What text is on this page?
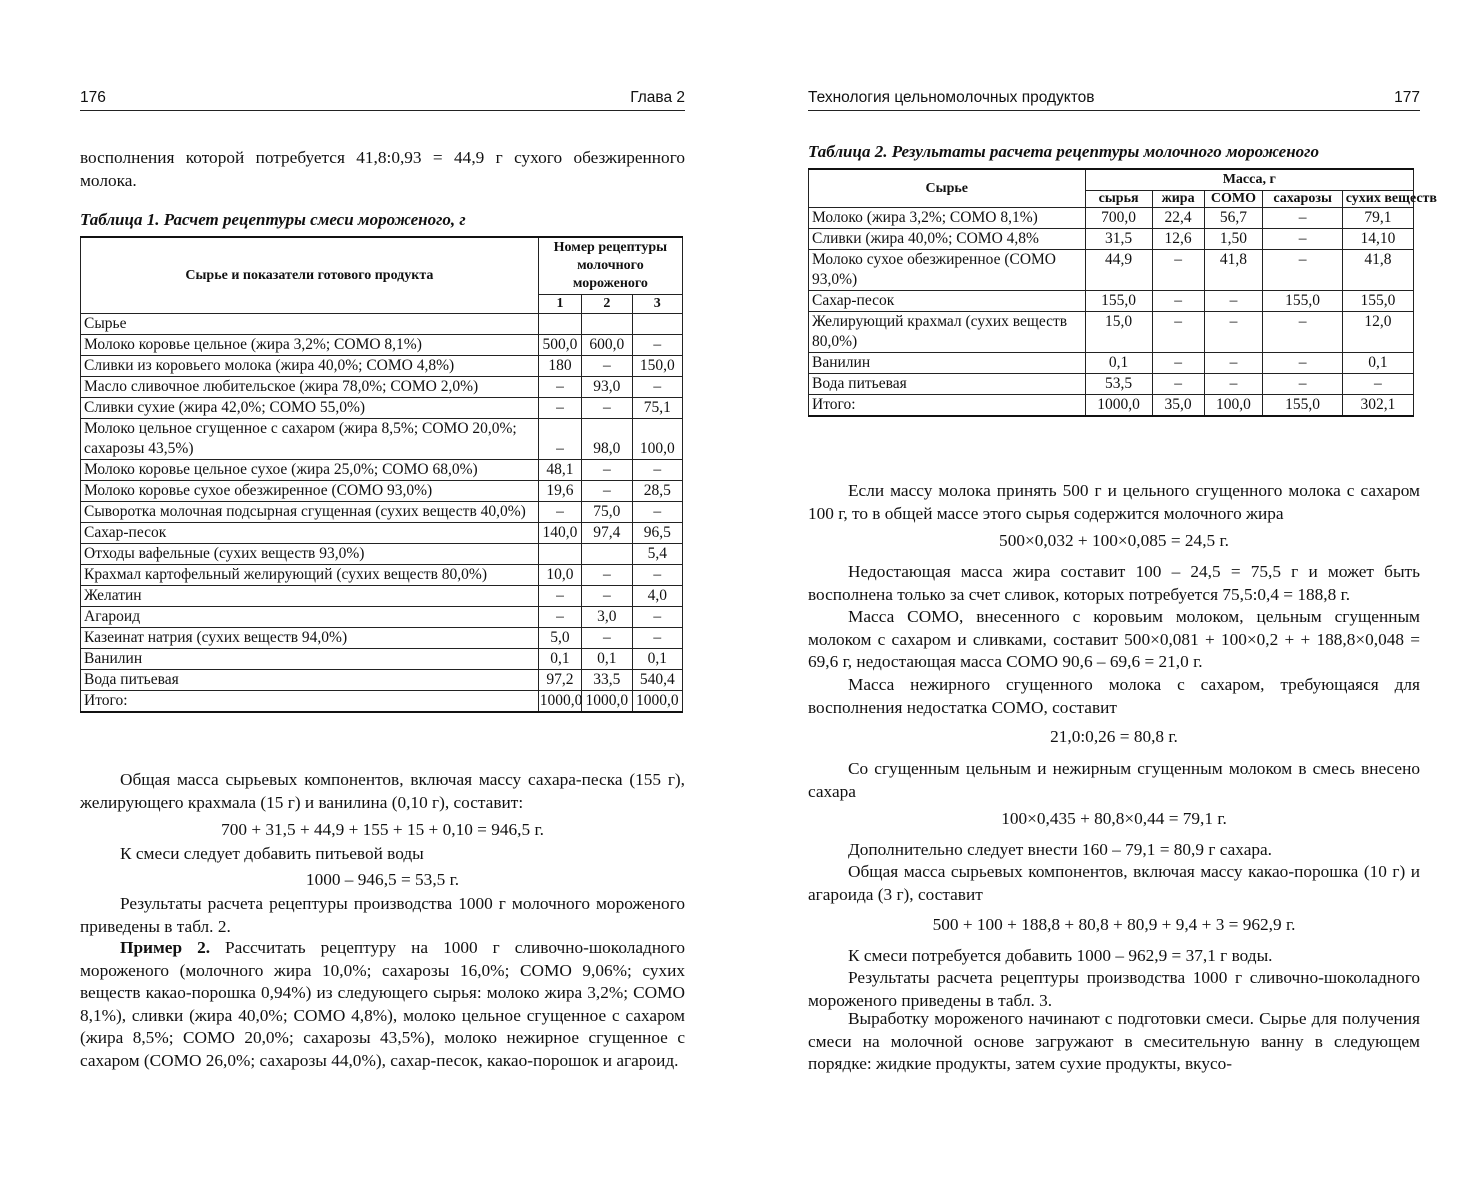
176	Глава 2
восполнения которой потребуется 41,8:0,93 = 44,9 г сухого обезжиренного молока.
Таблица 1. Расчет рецептуры смеси мороженого, г
Сырье и показатели готового продукта	Номер рецептуры молочного мороженого		
	1	2	3
Сырье			
Молоко коровье цельное (жира 3,2%; СОМО 8,1%)	500,0	600,0	–
Сливки из коровьего молока (жира 40,0%; СОМО 4,8%)	180	–	150,0
Масло сливочное любительское (жира 78,0%; СОМО 2,0%)	–	93,0	–
Сливки сухие (жира 42,0%; СОМО 55,0%)	–	–	75,1
Молоко цельное сгущенное с сахаром (жира 8,5%; СОМО 20,0%; сахарозы 43,5%)	–	98,0	100,0
Молоко коровье цельное сухое (жира 25,0%; СОМО 68,0%)	48,1	–	–
Молоко коровье сухое обезжиренное (СОМО 93,0%)	19,6	–	28,5
Сыворотка молочная подсырная сгущенная (сухих веществ 40,0%)	–	75,0	–
Сахар-песок	140,0	97,4	96,5
Отходы вафельные (сухих веществ 93,0%)			5,4
Крахмал картофельный желирующий (сухих веществ 80,0%)	10,0	–	–
Желатин	–	–	4,0
Агароид	–	3,0	–
Казеинат натрия (сухих веществ 94,0%)	5,0	–	–
Ванилин	0,1	0,1	0,1
Вода питьевая	97,2	33,5	540,4
Итого:	1000,0	1000,0	1000,0
Общая масса сырьевых компонентов, включая массу сахара-песка (155 г), желирующего крахмала (15 г) и ванилина (0,10 г), составит:
700 + 31,5 + 44,9 + 155 + 15 + 0,10 = 946,5 г.
К смеси следует добавить питьевой воды
1000 – 946,5 = 53,5 г.
Результаты расчета рецептуры производства 1000 г молочного мороженого приведены в табл. 2.
Пример 2. Рассчитать рецептуру на 1000 г сливочно-шоколадного мороженого (молочного жира 10,0%; сахарозы 16,0%; СОМО 9,06%; сухих веществ какао-порошка 0,94%) из следующего сырья: молоко жира 3,2%; СОМО 8,1%), сливки (жира 40,0%; СОМО 4,8%), молоко цельное сгущенное с сахаром (жира 8,5%; СОМО 20,0%; сахарозы 43,5%), молоко нежирное сгущенное с сахаром (СОМО 26,0%; сахарозы 44,0%), сахар-песок, какао-порошок и агароид.
Технология цельномолочных продуктов	177
Таблица 2. Результаты расчета рецептуры молочного мороженого
Сырье	Масса, г				
	сырья	жира	СОМО	сахарозы	сухих веществ
Молоко (жира 3,2%; СОМО 8,1%)	700,0	22,4	56,7	–	79,1
Сливки (жира 40,0%; СОМО 4,8%	31,5	12,6	1,50	–	14,10
Молоко сухое обезжиренное (СОМО 93,0%)	44,9	–	41,8	–	41,8
Сахар-песок	155,0	–	–	155,0	155,0
Желирующий крахмал (сухих веществ 80,0%)	15,0	–	–	–	12,0
Ванилин	0,1	–	–	–	0,1
Вода питьевая	53,5	–	–	–	–
Итого:	1000,0	35,0	100,0	155,0	302,1
Если массу молока принять 500 г и цельного сгущенного молока с сахаром 100 г, то в общей массе этого сырья содержится молочного жира
500×0,032 + 100×0,085 = 24,5 г.
Недостающая масса жира составит 100 – 24,5 = 75,5 г и может быть восполнена только за счет сливок, которых потребуется 75,5:0,4 = 188,8 г.
Масса СОМО, внесенного с коровьим молоком, цельным сгущенным молоком с сахаром и сливками, составит 500×0,081 + 100×0,2 + + 188,8×0,048 = 69,6 г, недостающая масса СОМО 90,6 – 69,6 = 21,0 г.
Масса нежирного сгущенного молока с сахаром, требующаяся для восполнения недостатка СОМО, составит
21,0:0,26 = 80,8 г.
Со сгущенным цельным и нежирным сгущенным молоком в смесь внесено сахара
100×0,435 + 80,8×0,44 = 79,1 г.
Дополнительно следует внести 160 – 79,1 = 80,9 г сахара.
Общая масса сырьевых компонентов, включая массу какао-порошка (10 г) и агароида (3 г), составит
500 + 100 + 188,8 + 80,8 + 80,9 + 9,4 + 3 = 962,9 г.
К смеси потребуется добавить 1000 – 962,9 = 37,1 г воды.
Результаты расчета рецептуры производства 1000 г сливочно-шоколадного мороженого приведены в табл. 3.
Выработку мороженого начинают с подготовки смеси. Сырье для получения смеси на молочной основе загружают в смесительную ванну в следующем порядке: жидкие продукты, затем сухие продукты, вкусо-
